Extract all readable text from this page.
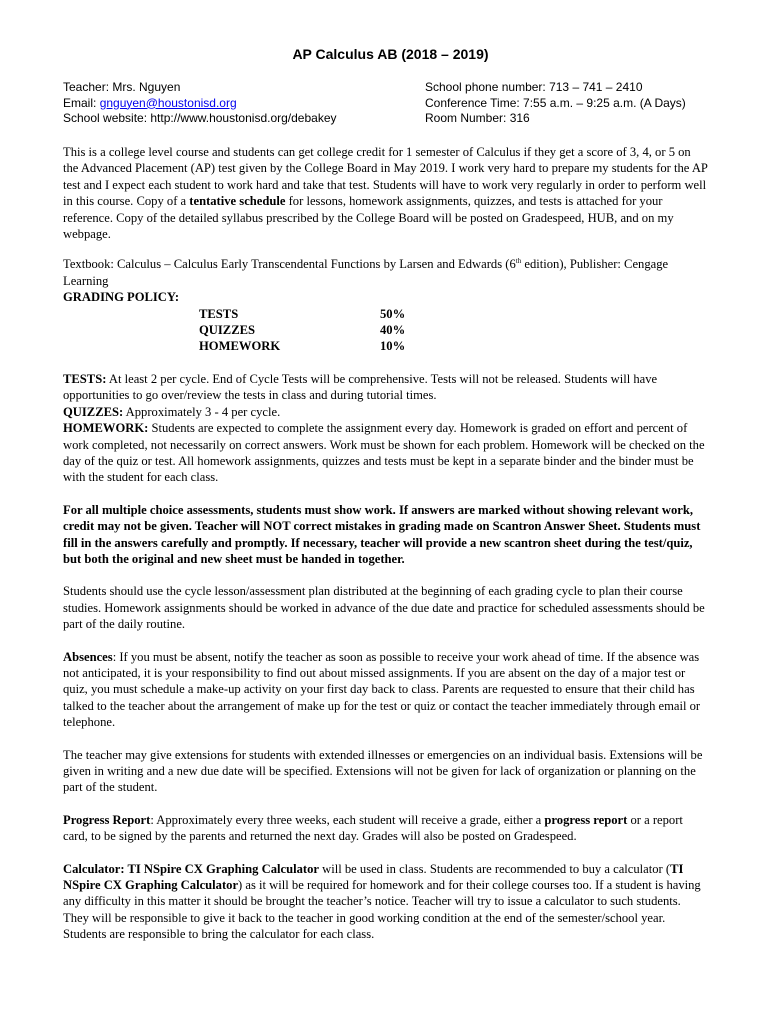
AP Calculus AB (2018 – 2019)
Teacher: Mrs. Nguyen
Email: gnguyen@houstonisd.org
School website: http://www.houstonisd.org/debakey
School phone number: 713 – 741 – 2410
Conference Time: 7:55 a.m. – 9:25 a.m. (A Days)
Room Number: 316

This is a college level course and students can get college credit for 1 semester of Calculus if they get a score of 3, 4, or 5 on the Advanced Placement (AP) test given by the College Board in May 2019. I work very hard to prepare my students for the AP test and I expect each student to work hard and take that test. Students will have to work very regularly in order to perform well in this course. Copy of a tentative schedule for lessons, homework assignments, quizzes, and tests is attached for your reference. Copy of the detailed syllabus prescribed by the College Board will be posted on Gradespeed, HUB, and on my webpage.

Textbook: Calculus – Calculus Early Transcendental Functions by Larsen and Edwards (6th edition), Publisher: Cengage Learning

GRADING POLICY:
TESTS	50%
QUIZZES	40%
HOMEWORK	10%

TESTS: At least 2 per cycle. End of Cycle Tests will be comprehensive. Tests will not be released. Students will have opportunities to go over/review the tests in class and during tutorial times.

QUIZZES: Approximately 3 - 4 per cycle.

HOMEWORK: Students are expected to complete the assignment every day. Homework is graded on effort and percent of work completed, not necessarily on correct answers. Work must be shown for each problem. Homework will be checked on the day of the quiz or test. All homework assignments, quizzes and tests must be kept in a separate binder and the binder must be with the student for each class.

For all multiple choice assessments, students must show work. If answers are marked without showing relevant work, credit may not be given. Teacher will NOT correct mistakes in grading made on Scantron Answer Sheet. Students must fill in the answers carefully and promptly. If necessary, teacher will provide a new scantron sheet during the test/quiz, but both the original and new sheet must be handed in together.

Students should use the cycle lesson/assessment plan distributed at the beginning of each grading cycle to plan their course studies. Homework assignments should be worked in advance of the due date and practice for scheduled assessments should be part of the daily routine.

Absences: If you must be absent, notify the teacher as soon as possible to receive your work ahead of time. If the absence was not anticipated, it is your responsibility to find out about missed assignments. If you are absent on the day of a major test or quiz, you must schedule a make-up activity on your first day back to class. Parents are requested to ensure that their child has talked to the teacher about the arrangement of make up for the test or quiz or contact the teacher immediately through email or telephone.

The teacher may give extensions for students with extended illnesses or emergencies on an individual basis. Extensions will be given in writing and a new due date will be specified. Extensions will not be given for lack of organization or planning on the part of the student.

Progress Report: Approximately every three weeks, each student will receive a grade, either a progress report or a report card, to be signed by the parents and returned the next day. Grades will also be posted on Gradespeed.

Calculator: TI NSpire CX Graphing Calculator will be used in class. Students are recommended to buy a calculator (TI NSpire CX Graphing Calculator) as it will be required for homework and for their college courses too. If a student is having any difficulty in this matter it should be brought the teacher’s notice. Teacher will try to issue a calculator to such students. They will be responsible to give it back to the teacher in good working condition at the end of the semester/school year. Students are responsible to bring the calculator for each class.
